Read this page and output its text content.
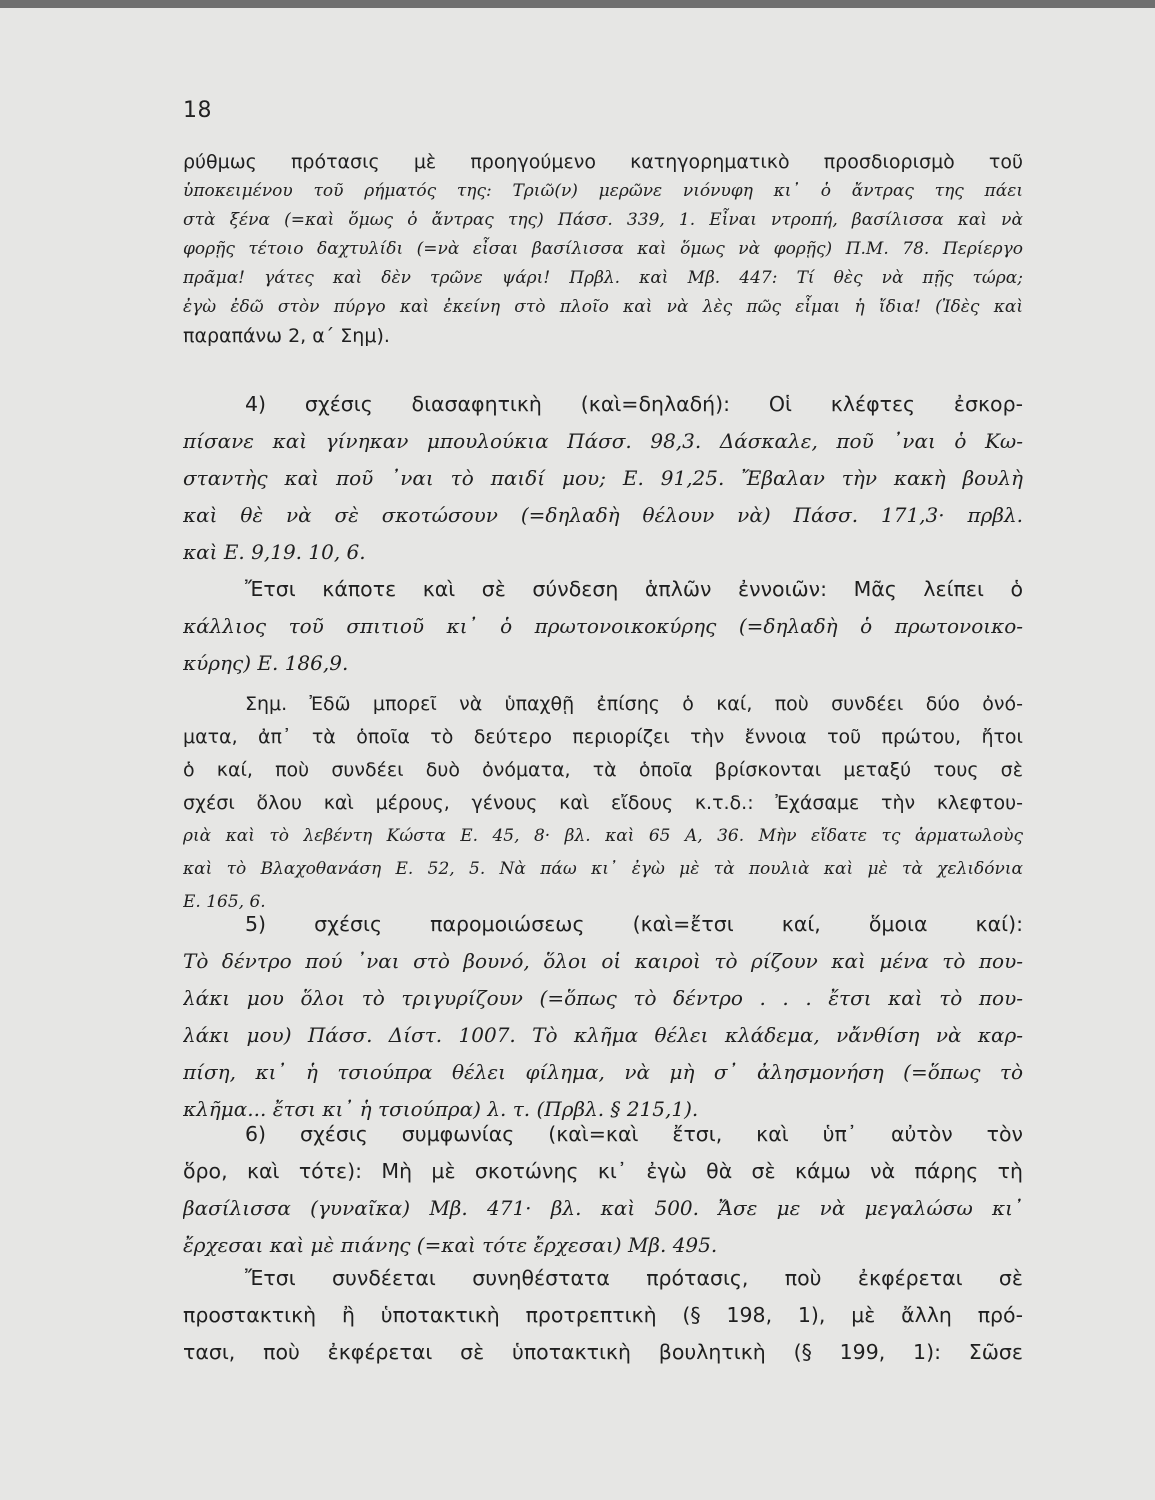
18
ρύθμως πρότασις μὲ προηγούμενο κατηγορηματικὸ προσδιορισμὸ τοῦ
ὑποκειμένου τοῦ ρήματός της: Τριῶ(ν) μερῶνε νιόνυφη κι᾽ ὁ ἄντρας της πάει
στὰ ξένα (=καὶ ὅμως ὁ ἄντρας της) Πάσσ. 339, 1. Εἶναι ντροπή, βασίλισσα καὶ νὰ
φορῇς τέτοιο δαχτυλίδι (=νὰ εἶσαι βασίλισσα καὶ ὅμως νὰ φορῇς) Π.Μ. 78. Περίεργο
πρᾶμα! γάτες καὶ δὲν τρῶνε ψάρι! Πρβλ. καὶ Μβ. 447: Τί θὲς νὰ πῇς τώρα;
ἐγὼ ἐδῶ στὸν πύργο καὶ ἐκείνη στὸ πλοῖο καὶ νὰ λὲς πῶς εἶμαι ἡ ἴδια! (Ἰδὲς καὶ
παραπάνω 2, α΄ Σημ).
4) σχέσις διασαφητικὴ (καὶ=δηλαδή): Οἱ κλέφτες ἐσκορ-
πίσανε καὶ γίνηκαν μπουλούκια Πάσσ. 98,3. Δάσκαλε, ποῦ ᾽ναι ὁ Κω-
σταντὴς καὶ ποῦ ᾽ναι τὸ παιδί μου; Ε. 91,25. Ἔβαλαν τὴν κακὴ βουλὴ
καὶ θὲ νὰ σὲ σκοτώσουν (=δηλαδὴ θέλουν νὰ) Πάσσ. 171,3· πρβλ.
καὶ Ε. 9,19. 10, 6.
Ἔτσι κάποτε καὶ σὲ σύνδεση ἁπλῶν ἐννοιῶν: Μᾶς λείπει ὁ
κάλλιος τοῦ σπιτιοῦ κι᾽ ὁ πρωτονοικοκύρης (=δηλαδὴ ὁ πρωτονοικο-
κύρης) Ε. 186,9.
Σημ. Ἐδῶ μπορεῖ νὰ ὑπαχθῇ ἐπίσης ὁ καί, ποὺ συνδέει δύο ὀνό-
ματα, ἀπ᾽ τὰ ὁποῖα τὸ δεύτερο περιορίζει τὴν ἔννοια τοῦ πρώτου, ἤτοι
ὁ καί, ποὺ συνδέει δυὸ ὀνόματα, τὰ ὁποῖα βρίσκονται μεταξύ τους σὲ
σχέσι ὅλου καὶ μέρους, γένους καὶ εἴδους κ.τ.δ.: Ἐχάσαμε τὴν κλεφτου-
ριὰ καὶ τὸ λεβέντη Κώστα Ε. 45, 8· βλ. καὶ 65 Α, 36. Μὴν εἴδατε τς ἁρματωλοὺς
καὶ τὸ Βλαχοθανάση Ε. 52, 5. Νὰ πάω κι᾽ ἐγὼ μὲ τὰ πουλιὰ καὶ μὲ τὰ χελιδόνια
Ε. 165, 6.
5) σχέσις παρομοιώσεως (καὶ=ἔτσι καί, ὅμοια καί):
Τὸ δέντρο πού ᾽ναι στὸ βουνό, ὅλοι οἱ καιροὶ τὸ ρίζουν καὶ μένα τὸ που-
λάκι μου ὅλοι τὸ τριγυρίζουν (=ὅπως τὸ δέντρο . . . ἔτσι καὶ τὸ που-
λάκι μου) Πάσσ. Δίστ. 1007. Τὸ κλῆμα θέλει κλάδεμα, νἄνθίση νὰ καρ-
πίση, κι᾽ ἡ τσιούπρα θέλει φίλημα, νὰ μὴ σ᾽ ἀλησμονήση (=ὅπως τὸ
κλῆμα... ἔτσι κι᾽ ἡ τσιούπρα) λ. τ. (Πρβλ. § 215,1).
6) σχέσις συμφωνίας (καὶ=καὶ ἔτσι, καὶ ὑπ᾽ αὐτὸν τὸν
ὅρο, καὶ τότε): Μὴ μὲ σκοτώνης κι᾽ ἐγὼ θὰ σὲ κάμω νὰ πάρης τὴ
βασίλισσα (γυναῖκα) Μβ. 471· βλ. καὶ 500. Ἄσε με νὰ μεγαλώσω κι᾽
ἔρχεσαι καὶ μὲ πιάνης (=καὶ τότε ἔρχεσαι) Μβ. 495.
Ἔτσι συνδέεται συνηθέστατα πρότασις, ποὺ ἐκφέρεται σὲ
προστακτικὴ ἢ ὑποτακτικὴ προτρεπτικὴ (§ 198, 1), μὲ ἄλλη πρό-
τασι, ποὺ ἐκφέρεται σὲ ὑποτακτικὴ βουλητικὴ (§ 199, 1): Σῶσε
